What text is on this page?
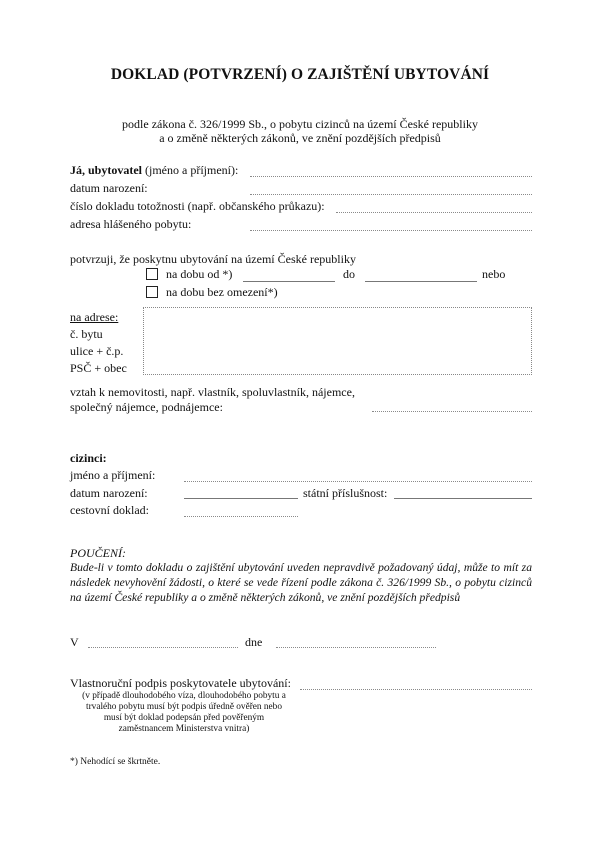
DOKLAD (POTVRZENÍ) O ZAJIŠTĚNÍ UBYTOVÁNÍ
podle zákona č. 326/1999 Sb., o pobytu cizinců na území České republiky
a o změně některých zákonů, ve znění pozdějších předpisů
Já, ubytovatel (jméno a příjmení):
datum narození:
číslo dokladu totožnosti (např. občanského průkazu):
adresa hlášeného pobytu:
potvrzuji, že poskytnu ubytování na území České republiky
na dobu od *)	do	nebo
na dobu bez omezení*)
na adrese:
č. bytu
ulice + č.p.
PSČ + obec
vztah k nemovitosti, např. vlastník, spoluvlastník, nájemce,
společný nájemce, podnájemce:
cizinci:
jméno a příjmení:
datum narození:	státní příslušnost:
cestovní doklad:
POUČENÍ:
Bude-li v tomto dokladu o zajištění ubytování uveden nepravdivě požadovaný údaj, může to mít za následek nevyhovění žádosti, o které se vede řízení podle zákona č. 326/1999 Sb., o pobytu cizinců na území České republiky a o změně některých zákonů, ve znění pozdějších předpisů
V	dne
Vlastnoruční podpis poskytovatele ubytování:
(v případě dlouhodobého víza, dlouhodobého pobytu a
trvalého pobytu musí být podpis úředně ověřen nebo
musí být doklad podepsán před pověřeným
zaměstnancem Ministerstva vnitra)
*) Nehodící se škrtněte.
